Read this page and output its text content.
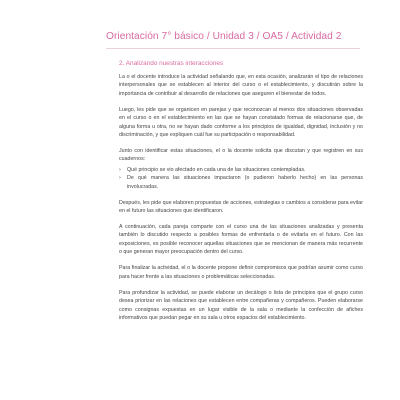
Orientación 7° básico / Unidad 3 / OA5 / Actividad 2
2. Analizando nuestras interacciones

La o el docente introduce la actividad señalando que, en esta ocasión, analizarán el tipo de relaciones interpersonales que se establecen al interior del curso o el establecimiento, y discutirán sobre la importancia de contribuir al desarrollo de relaciones que aseguren el bienestar de todos.

Luego, les pide que se organicen en parejas y que reconozcan al menos dos situaciones observadas en el curso o en el establecimiento en las que se hayan constatado formas de relacionarse que, de alguna forma u otra, no se hayan dado conforme a los principios de igualdad, dignidad, inclusión y no discriminación, y que expliquen cuál fue su participación o responsabilidad.

Junto con identificar estas situaciones, el o la docente solicita que discutan y que registren en sus cuadernos:

› Qué principio se vio afectado en cada una de las situaciones contempladas.
› De qué manera las situaciones impactaron (o pudieron haberlo hecho) en las personas involucradas.

Después, les pide que elaboren propuestas de acciones, estrategias o cambios a considerar para evitar en el futuro las situaciones que identificaron.

A continuación, cada pareja comparte con el curso una de las situaciones analizadas y presenta también lo discutido respecto a posibles formas de enfrentarla o de evitarla en el futuro. Con las exposiciones, es posible reconocer aquellas situaciones que se mencionan de manera más recurrente o que generan mayor preocupación dentro del curso.

Para finalizar la actividad, el o la docente propone definir compromisos que podrían asumir como curso para hacer frente a las situaciones o problemáticas seleccionadas.

Para profundizar la actividad, se puede elaborar un decálogo o lista de principios que el grupo curso desea priorizar en las relaciones que establecen entre compañeras y compañeros. Pueden elaborarse como consignas expuestas en un lugar visible de la sala o mediante la confección de afiches informativos que puedan pegar en su sala u otros espacios del establecimiento.
